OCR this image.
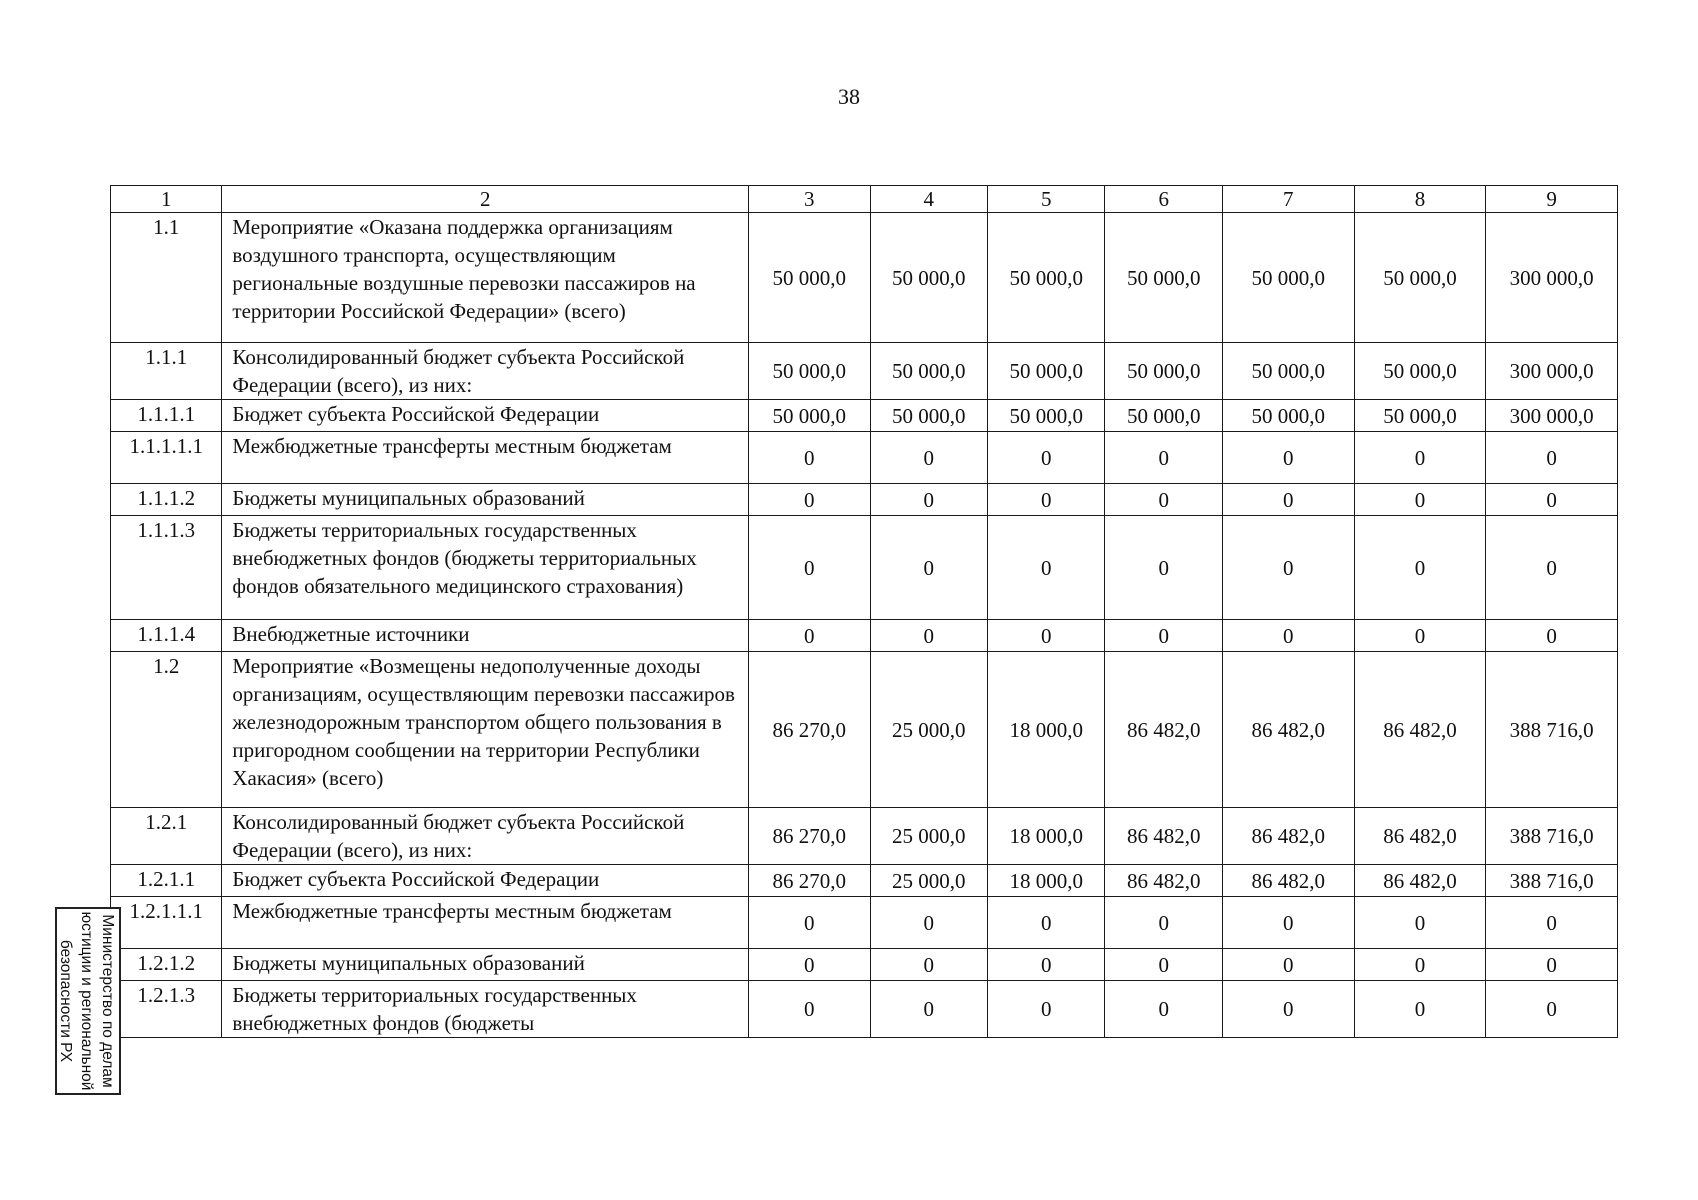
38
1	2	3	4	5	6	7	8	9
1.1	Мероприятие «Оказана поддержка организациям воздушного транспорта, осуществляющим региональные воздушные перевозки пассажиров на территории Российской Федерации» (всего)	50 000,0	50 000,0	50 000,0	50 000,0	50 000,0	50 000,0	300 000,0
1.1.1	Консолидированный бюджет субъекта Российской Федерации (всего), из них:	50 000,0	50 000,0	50 000,0	50 000,0	50 000,0	50 000,0	300 000,0
1.1.1.1	Бюджет субъекта Российской Федерации	50 000,0	50 000,0	50 000,0	50 000,0	50 000,0	50 000,0	300 000,0
1.1.1.1.1	Межбюджетные трансферты местным бюджетам	0	0	0	0	0	0	0
1.1.1.2	Бюджеты муниципальных образований	0	0	0	0	0	0	0
1.1.1.3	Бюджеты территориальных государственных внебюджетных фондов (бюджеты территориальных фондов обязательного медицинского страхования)	0	0	0	0	0	0	0
1.1.1.4	Внебюджетные источники	0	0	0	0	0	0	0
1.2	Мероприятие «Возмещены недополученные доходы организациям, осуществляющим перевозки пассажиров железнодорожным транспортом общего пользования в пригородном сообщении на территории Республики Хакасия» (всего)	86 270,0	25 000,0	18 000,0	86 482,0	86 482,0	86 482,0	388 716,0
1.2.1	Консолидированный бюджет субъекта Российской Федерации (всего), из них:	86 270,0	25 000,0	18 000,0	86 482,0	86 482,0	86 482,0	388 716,0
1.2.1.1	Бюджет субъекта Российской Федерации	86 270,0	25 000,0	18 000,0	86 482,0	86 482,0	86 482,0	388 716,0
1.2.1.1.1	Межбюджетные трансферты местным бюджетам	0	0	0	0	0	0	0
1.2.1.2	Бюджеты муниципальных образований	0	0	0	0	0	0	0
1.2.1.3	Бюджеты территориальных государственных внебюджетных фондов (бюджеты	0	0	0	0	0	0	0
Министерство по делам
юстиции и региональной
безопасности РХ
